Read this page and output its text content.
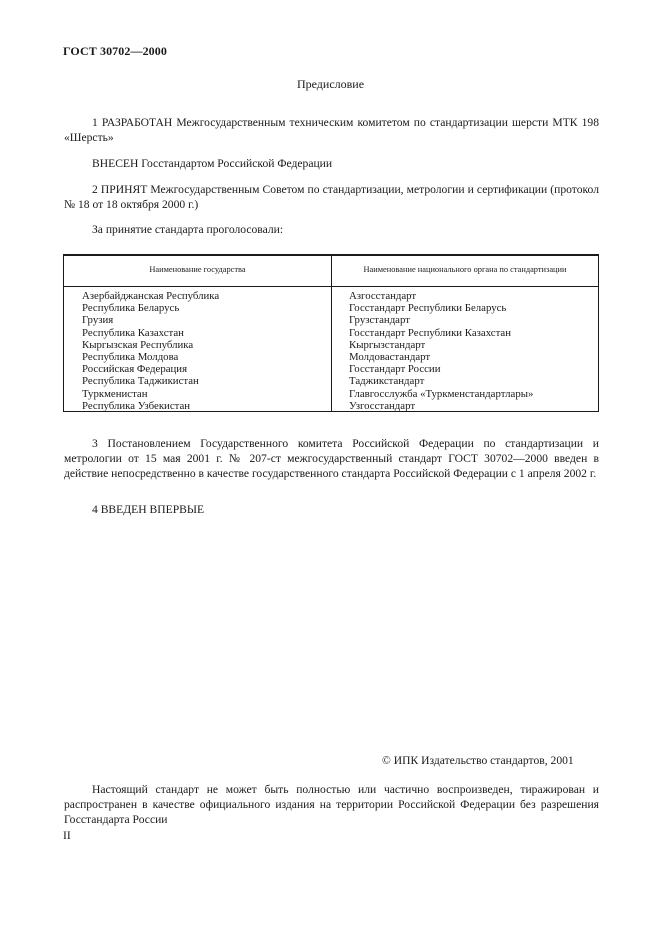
ГОСТ 30702—2000
Предисловие
1 РАЗРАБОТАН Межгосударственным техническим комитетом по стандартизации шерсти МТК 198 «Шерсть»
ВНЕСЕН Госстандартом Российской Федерации
2 ПРИНЯТ Межгосударственным Советом по стандартизации, метрологии и сертификации (протокол № 18 от 18 октября 2000 г.)
За принятие стандарта проголосовали:
Наименование государства	Наименование национального органа по стандартизации
Азербайджанская Республика
Республика Беларусь
Грузия
Республика Казахстан
Кыргызская Республика
Республика Молдова
Российская Федерация
Республика Таджикистан
Туркменистан
Республика Узбекистан
Азгосстандарт
Госстандарт Республики Беларусь
Грузстандарт
Госстандарт Республики Казахстан
Кыргызстандарт
Молдовастандарт
Госстандарт России
Таджикстандарт
Главгосслужба «Туркменстандартлары»
Узгосстандарт
3 Постановлением Государственного комитета Российской Федерации по стандартизации и метрологии от 15 мая 2001 г. № 207-ст межгосударственный стандарт ГОСТ 30702—2000 введен в действие непосредственно в качестве государственного стандарта Российской Федерации с 1 апреля 2002 г.
4 ВВЕДЕН ВПЕРВЫЕ
© ИПК Издательство стандартов, 2001
Настоящий стандарт не может быть полностью или частично воспроизведен, тиражирован и распространен в качестве официального издания на территории Российской Федерации без разрешения Госстандарта России
II
